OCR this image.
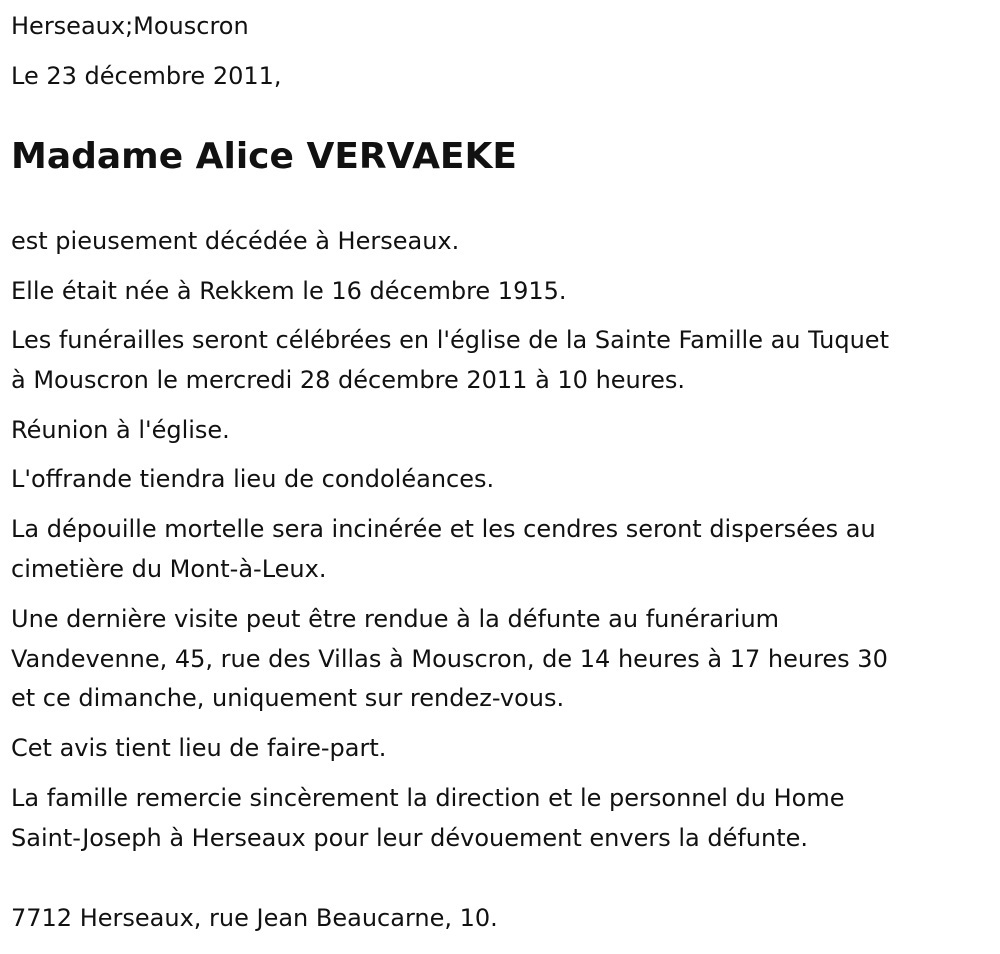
Herseaux;Mouscron

Le 23 décembre 2011,

Madame Alice VERVAEKE

est pieusement décédée à Herseaux.

Elle était née à Rekkem le 16 décembre 1915.

Les funérailles seront célébrées en l'église de la Sainte Famille au Tuquet
à Mouscron le mercredi 28 décembre 2011 à 10 heures.

Réunion à l'église.

L'offrande tiendra lieu de condoléances.

La dépouille mortelle sera incinérée et les cendres seront dispersées au
cimetière du Mont-à-Leux.

Une dernière visite peut être rendue à la défunte au funérarium
Vandevenne, 45, rue des Villas à Mouscron, de 14 heures à 17 heures 30
et ce dimanche, uniquement sur rendez-vous.

Cet avis tient lieu de faire-part.

La famille remercie sincèrement la direction et le personnel du Home
Saint-Joseph à Herseaux pour leur dévouement envers la défunte.

7712 Herseaux, rue Jean Beaucarne, 10.
